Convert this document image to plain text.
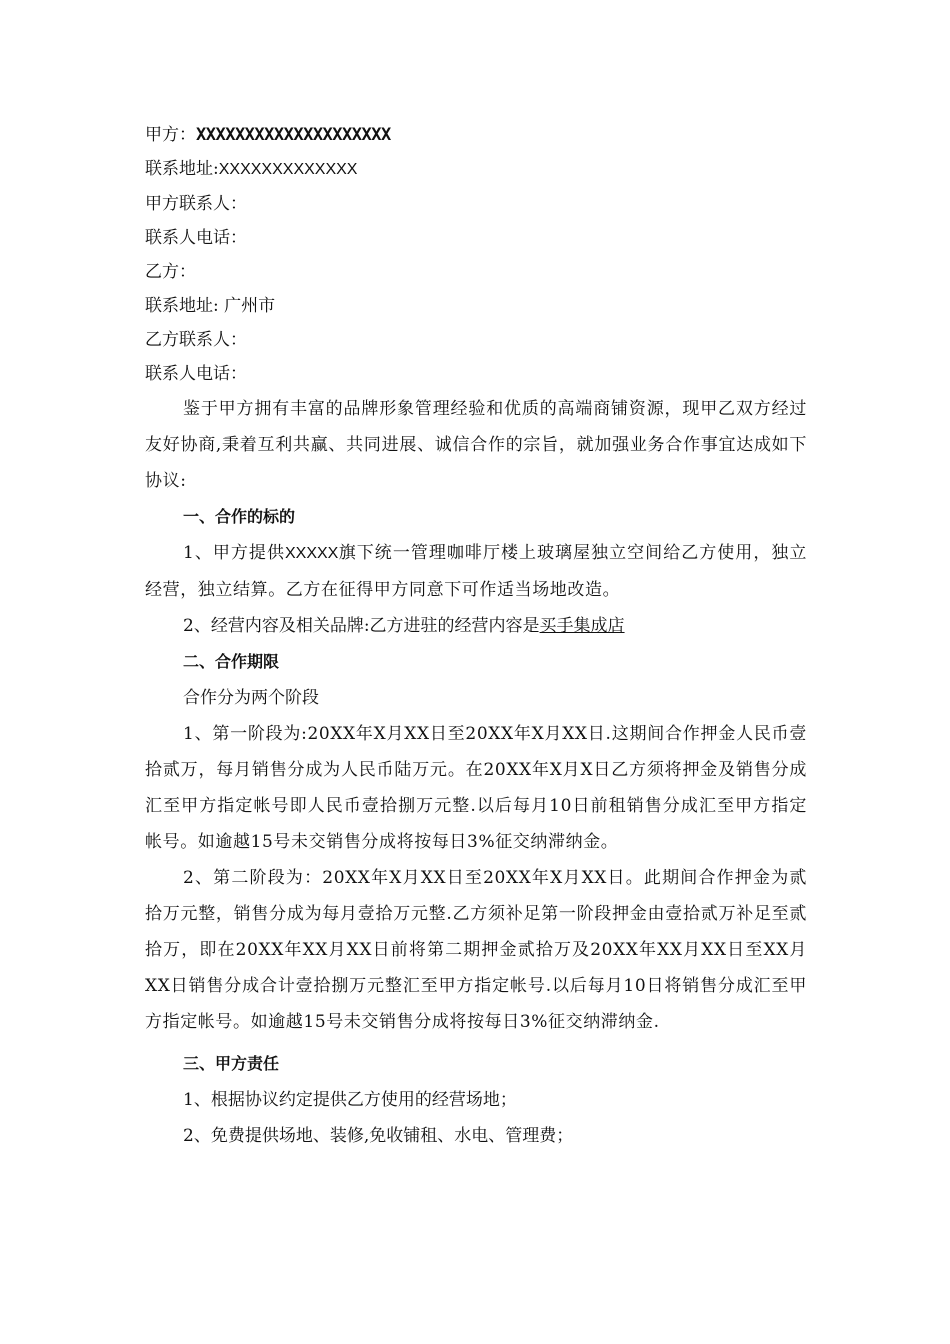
甲方：XXXXXXXXXXXXXXXXXXXX
联系地址:XXXXXXXXXXXXX
甲方联系人：
联系人电话：
乙方：
联系地址: 广州市
乙方联系人：
联系人电话：
鉴于甲方拥有丰富的品牌形象管理经验和优质的高端商铺资源，现甲乙双方经过友好协商,秉着互利共赢、共同进展、诚信合作的宗旨，就加强业务合作事宜达成如下协议:
一、合作的标的
1、甲方提供XXXXX旗下统一管理咖啡厅楼上玻璃屋独立空间给乙方使用，独立经营，独立结算。乙方在征得甲方同意下可作适当场地改造。
2、经营内容及相关品牌:乙方进驻的经营内容是买手集成店
二、合作期限
合作分为两个阶段
1、第一阶段为:20XX年X月XX日至20XX年X月XX日.这期间合作押金人民币壹拾贰万，每月销售分成为人民币陆万元。在20XX年X月X日乙方须将押金及销售分成汇至甲方指定帐号即人民币壹拾捌万元整.以后每月10日前租销售分成汇至甲方指定帐号。如逾越15号未交销售分成将按每日3%征交纳滞纳金。
2、第二阶段为：20XX年X月XX日至20XX年X月XX日。此期间合作押金为贰拾万元整，销售分成为每月壹拾万元整.乙方须补足第一阶段押金由壹拾贰万补足至贰拾万，即在20XX年XX月XX日前将第二期押金贰拾万及20XX年XX月XX日至XX月XX日销售分成合计壹拾捌万元整汇至甲方指定帐号.以后每月10日将销售分成汇至甲方指定帐号。如逾越15号未交销售分成将按每日3%征交纳滞纳金.
三、甲方责任
1、根据协议约定提供乙方使用的经营场地；
2、免费提供场地、装修,免收铺租、水电、管理费；
